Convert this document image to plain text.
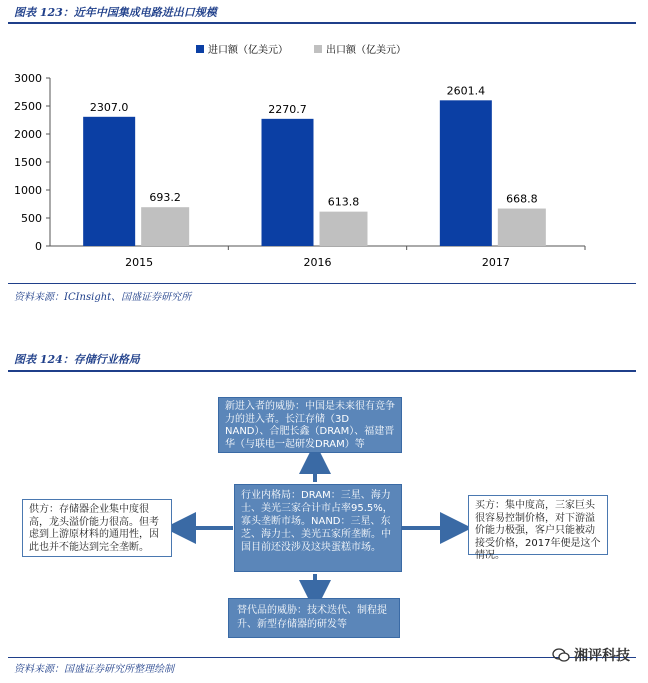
图表 123：近年中国集成电路进出口规模
进口额（亿美元）	出口额（亿美元）
0
500
1000
1500
2000
2500
3000
2015	2016	2017
2307.0
693.2
2270.7
613.8
2601.4
668.8
资料来源：ICInsight、国盛证券研究所
图表 124：存储行业格局
新进入者的威胁：中国是未来很有竞争力的进入者。长江存储（3D NAND）、合肥长鑫（DRAM）、福建晋华（与联电一起研发DRAM）等
行业内格局：DRAM：三星、海力士、美光三家合计市占率95.5%，寡头垄断市场。NAND：三星、东芝、海力士、美光五家所垄断。中国目前还没涉及这块蛋糕市场。
替代品的威胁：技术迭代、制程提升、新型存储器的研发等
供方：存储器企业集中度很高，龙头溢价能力很高。但考虑到上游原材料的通用性，因此也并不能达到完全垄断。
买方：集中度高，三家巨头很容易控制价格，对下游溢价能力极强，客户只能被动接受价格，2017年便是这个情况。
资料来源：国盛证券研究所整理绘制
湘评科技
